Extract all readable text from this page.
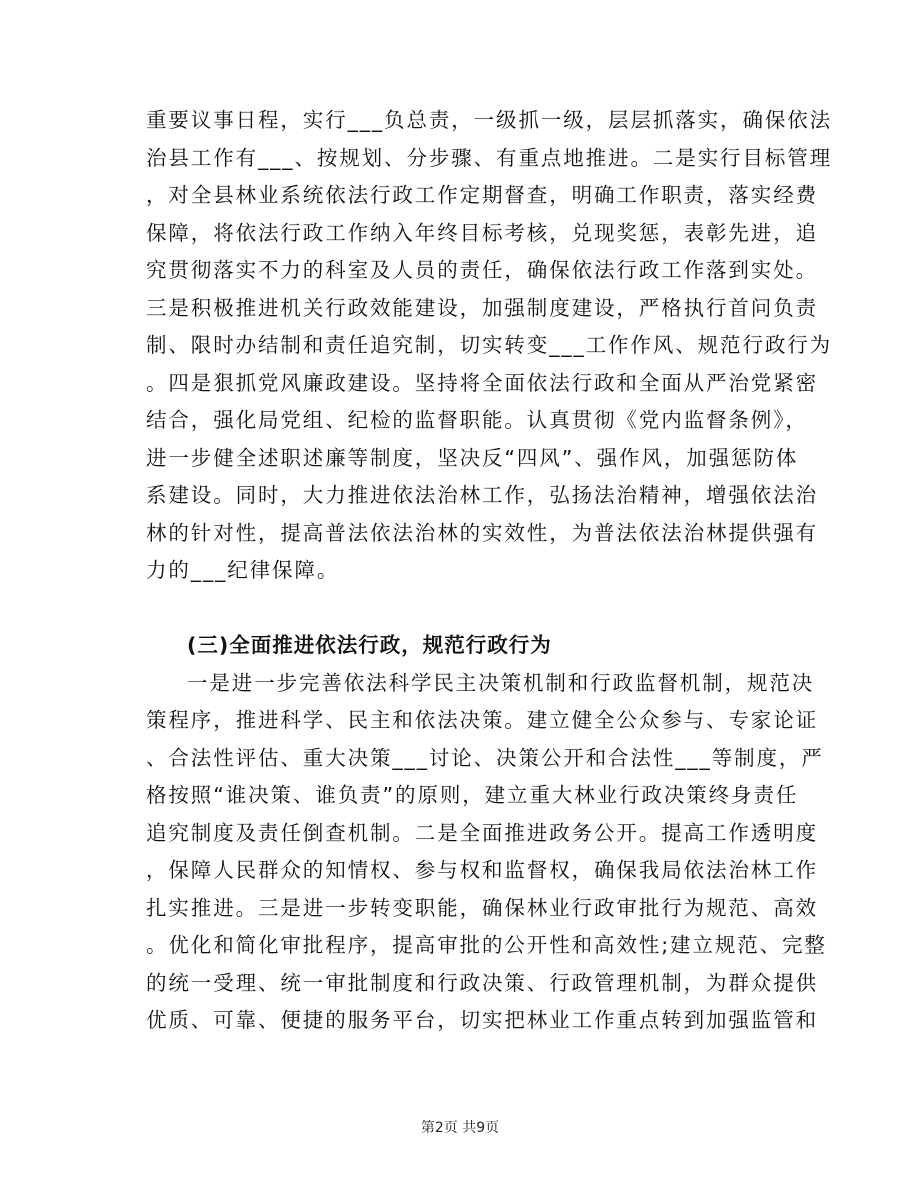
重要议事日程，实行___负总责，一级抓一级，层层抓落实，确保依法
治县工作有___、按规划、分步骤、有重点地推进。二是实行目标管理
，对全县林业系统依法行政工作定期督查，明确工作职责，落实经费
保障，将依法行政工作纳入年终目标考核，兑现奖惩，表彰先进，追
究贯彻落实不力的科室及人员的责任，确保依法行政工作落到实处。
三是积极推进机关行政效能建设，加强制度建设，严格执行首问负责
制、限时办结制和责任追究制，切实转变___工作作风、规范行政行为
。四是狠抓党风廉政建设。坚持将全面依法行政和全面从严治党紧密
结合，强化局党组、纪检的监督职能。认真贯彻《党内监督条例》，
进一步健全述职述廉等制度，坚决反“四风”、强作风，加强惩防体
系建设。同时，大力推进依法治林工作，弘扬法治精神，增强依法治
林的针对性，提高普法依法治林的实效性，为普法依法治林提供强有
力的___纪律保障。
(三)全面推进依法行政，规范行政行为
一是进一步完善依法科学民主决策机制和行政监督机制，规范决
策程序，推进科学、民主和依法决策。建立健全公众参与、专家论证
、合法性评估、重大决策___讨论、决策公开和合法性___等制度，严
格按照“谁决策、谁负责”的原则，建立重大林业行政决策终身责任
追究制度及责任倒查机制。二是全面推进政务公开。提高工作透明度
，保障人民群众的知情权、参与权和监督权，确保我局依法治林工作
扎实推进。三是进一步转变职能，确保林业行政审批行为规范、高效
。优化和简化审批程序，提高审批的公开性和高效性;建立规范、完整
的统一受理、统一审批制度和行政决策、行政管理机制，为群众提供
优质、可靠、便捷的服务平台，切实把林业工作重点转到加强监管和
第2页 共9页
